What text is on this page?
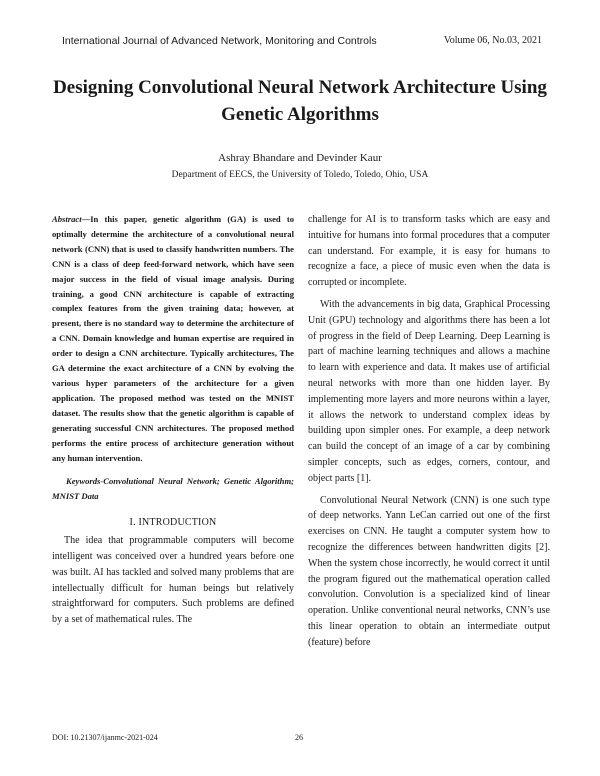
International Journal of Advanced Network, Monitoring and Controls	Volume 06, No.03, 2021
Designing Convolutional Neural Network Architecture Using Genetic Algorithms
Ashray Bhandare and Devinder Kaur
Department of EECS, the University of Toledo, Toledo, Ohio, USA

Abstract—In this paper, genetic algorithm (GA) is used to optimally determine the architecture of a convolutional neural network (CNN) that is used to classify handwritten numbers. The CNN is a class of deep feed-forward network, which have seen major success in the field of visual image analysis. During training, a good CNN architecture is capable of extracting complex features from the given training data; however, at present, there is no standard way to determine the architecture of a CNN. Domain knowledge and human expertise are required in order to design a CNN architecture. Typically architectures, The GA determine the exact architecture of a CNN by evolving the various hyper parameters of the architecture for a given application. The proposed method was tested on the MNIST dataset. The results show that the genetic algorithm is capable of generating successful CNN architectures. The proposed method performs the entire process of architecture generation without any human intervention.

Keywords-Convolutional Neural Network; Genetic Algorithm; MNIST Data

I. INTRODUCTION

The idea that programmable computers will become intelligent was conceived over a hundred years before one was built. AI has tackled and solved many problems that are intellectually difficult for human beings but relatively straightforward for computers. Such problems are defined by a set of mathematical rules. The

challenge for AI is to transform tasks which are easy and intuitive for humans into formal procedures that a computer can understand. For example, it is easy for humans to recognize a face, a piece of music even when the data is corrupted or incomplete.

With the advancements in big data, Graphical Processing Unit (GPU) technology and algorithms there has been a lot of progress in the field of Deep Learning. Deep Learning is part of machine learning techniques and allows a machine to learn with experience and data. It makes use of artificial neural networks with more than one hidden layer. By implementing more layers and more neurons within a layer, it allows the network to understand complex ideas by building upon simpler ones. For example, a deep network can build the concept of an image of a car by combining simpler concepts, such as edges, corners, contour, and object parts [1].

Convolutional Neural Network (CNN) is one such type of deep networks. Yann LeCan carried out one of the first exercises on CNN. He taught a computer system how to recognize the differences between handwritten digits [2]. When the system chose incorrectly, he would correct it until the program figured out the mathematical operation called convolution. Convolution is a specialized kind of linear operation. Unlike conventional neural networks, CNN’s use this linear operation to obtain an intermediate output (feature) before

DOI: 10.21307/ijanmc-2021-024	26
